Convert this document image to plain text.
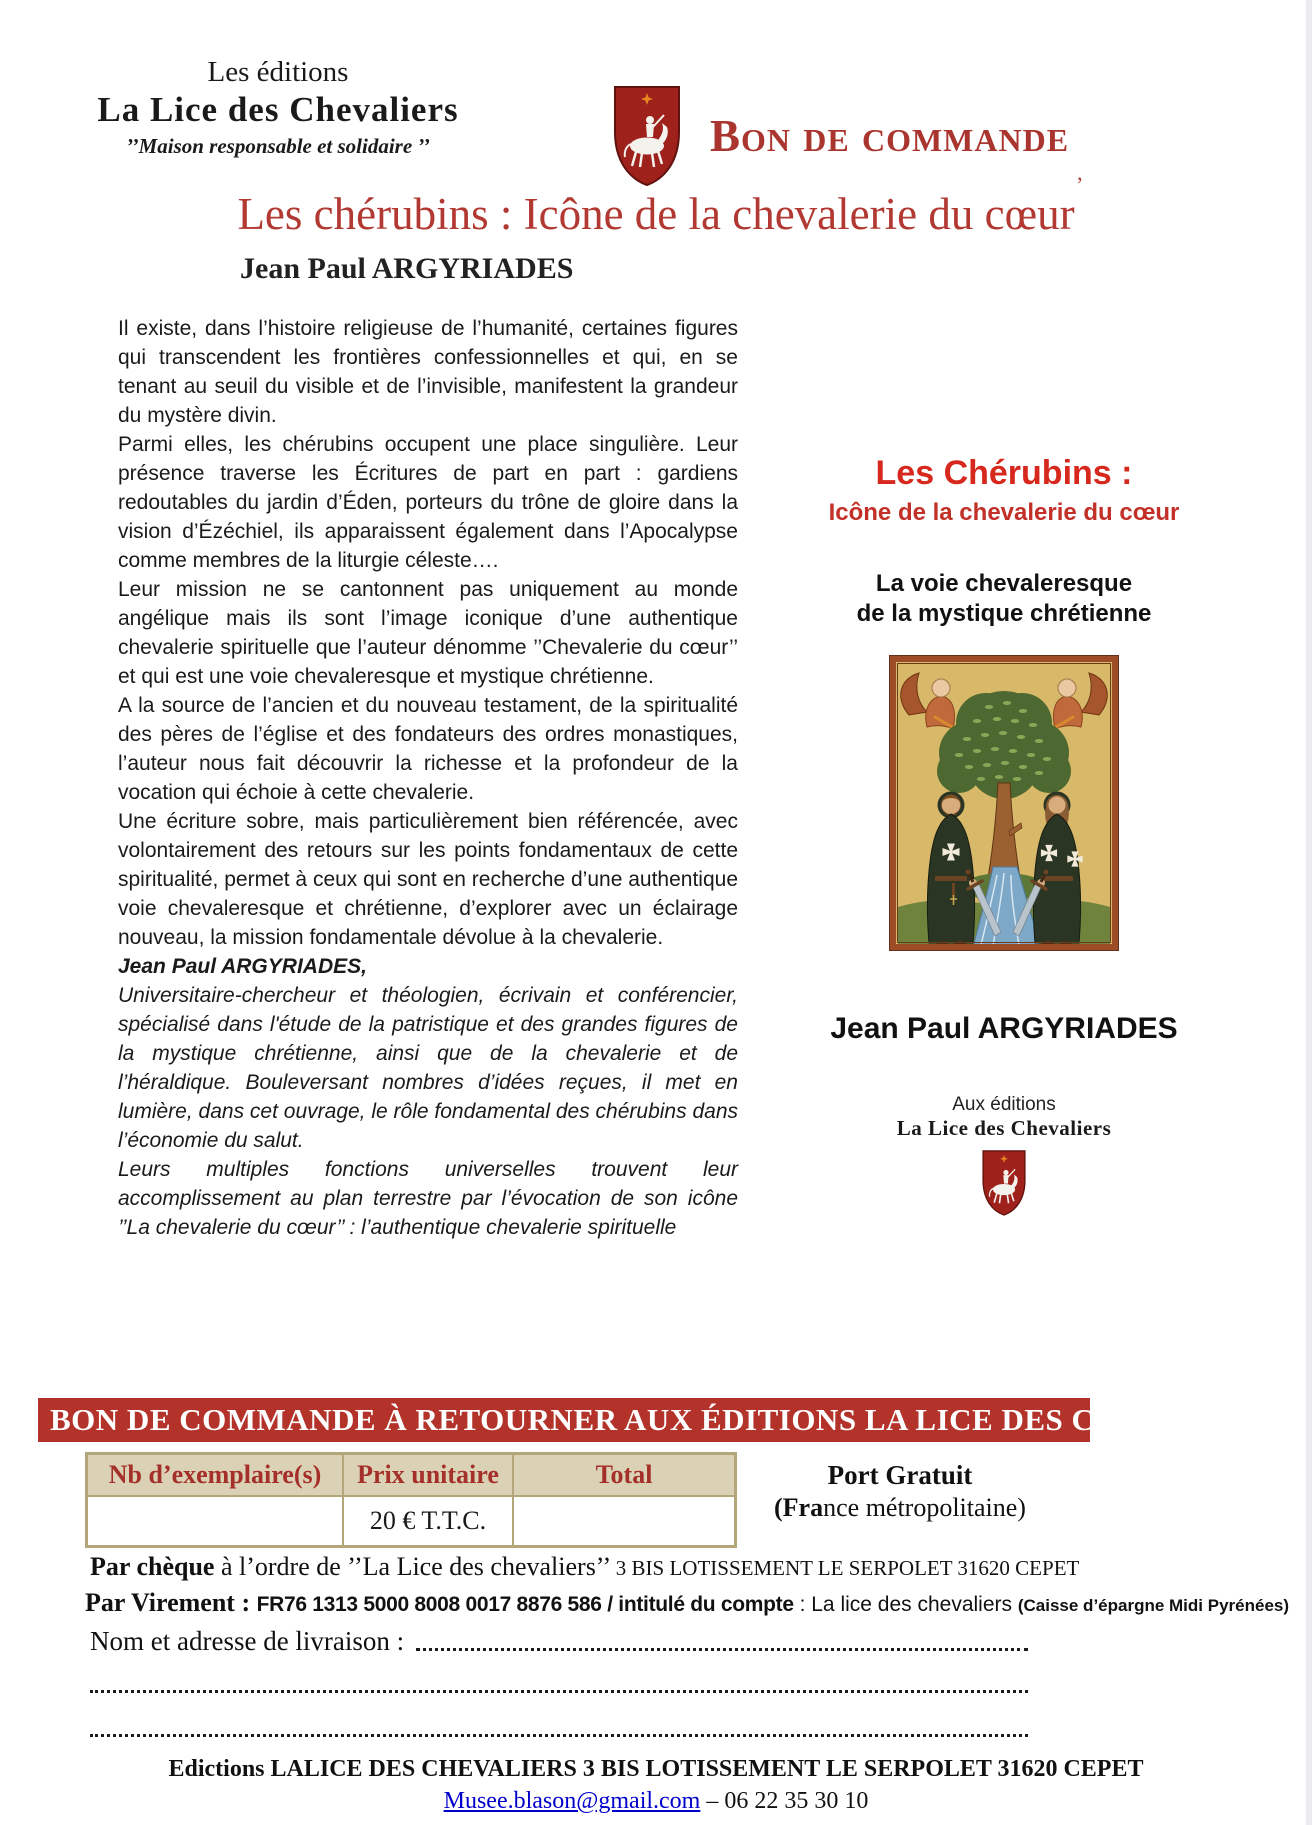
Les éditions
La Lice des Chevaliers
’’Maison responsable et solidaire ’’	Bon de commande
’
Les chérubins : Icône de la chevalerie du cœur
Jean Paul ARGYRIADES

Il existe, dans l’histoire religieuse de l’humanité, certaines figures qui transcendent les frontières confessionnelles et qui, en se tenant au seuil du visible et de l’invisible, manifestent la grandeur du mystère divin.

Parmi elles, les chérubins occupent une place singulière. Leur présence traverse les Écritures de part en part : gardiens redoutables du jardin d’Éden, porteurs du trône de gloire dans la vision d’Ézéchiel, ils apparaissent également dans l’Apocalypse comme membres de la liturgie céleste….

Leur mission ne se cantonnent pas uniquement au monde angélique mais ils sont l’image iconique d’une authentique chevalerie spirituelle que l’auteur dénomme ’’Chevalerie du cœur’’ et qui est une voie chevaleresque et mystique chrétienne.

A la source de l’ancien et du nouveau testament, de la spiritualité des pères de l’église et des fondateurs des ordres monastiques, l’auteur nous fait découvrir la richesse et la profondeur de la vocation qui échoie à cette chevalerie.

Une écriture sobre, mais particulièrement bien référencée, avec volontairement des retours sur les points fondamentaux de cette spiritualité, permet à ceux qui sont en recherche d’une authentique voie chevaleresque et chrétienne, d’explorer avec un éclairage nouveau, la mission fondamentale dévolue à la chevalerie.

Jean Paul ARGYRIADES,

Universitaire-chercheur et théologien, écrivain et conférencier, spécialisé dans l'étude de la patristique et des grandes figures de la mystique chrétienne, ainsi que de la chevalerie et de l’héraldique. Bouleversant nombres d’idées reçues, il met en lumière, dans cet ouvrage, le rôle fondamental des chérubins dans l’économie du salut.

Leurs multiples fonctions universelles trouvent leur accomplissement au plan terrestre par l’évocation de son icône ’’La chevalerie du cœur’’ : l’authentique chevalerie spirituelle

Les Chérubins :
Icône de la chevalerie du cœur
La voie chevaleresque
de la mystique chrétienne
Jean Paul ARGYRIADES
Aux éditions
La Lice des Chevaliers
BON DE COMMANDE À RETOURNER AUX ÉDITIONS LA LICE DES CHEVALIERS
Nb d’exemplaire(s)	Prix unitaire	Total
	20 € T.T.C.	
Port Gratuit
(France métropolitaine)
Par chèque à l’ordre de ’’La Lice des chevaliers’’ 3 BIS LOTISSEMENT LE SERPOLET 31620 CEPET
Par Virement : FR76 1313 5000 8008 0017 8876 586 / intitulé du compte : La lice des chevaliers (Caisse d’épargne Midi Pyrénées)
Nom et adresse de livraison :
Edictions LALICE DES CHEVALIERS 3 BIS LOTISSEMENT LE SERPOLET 31620 CEPET
Musee.blason@gmail.com – 06 22 35 30 10
